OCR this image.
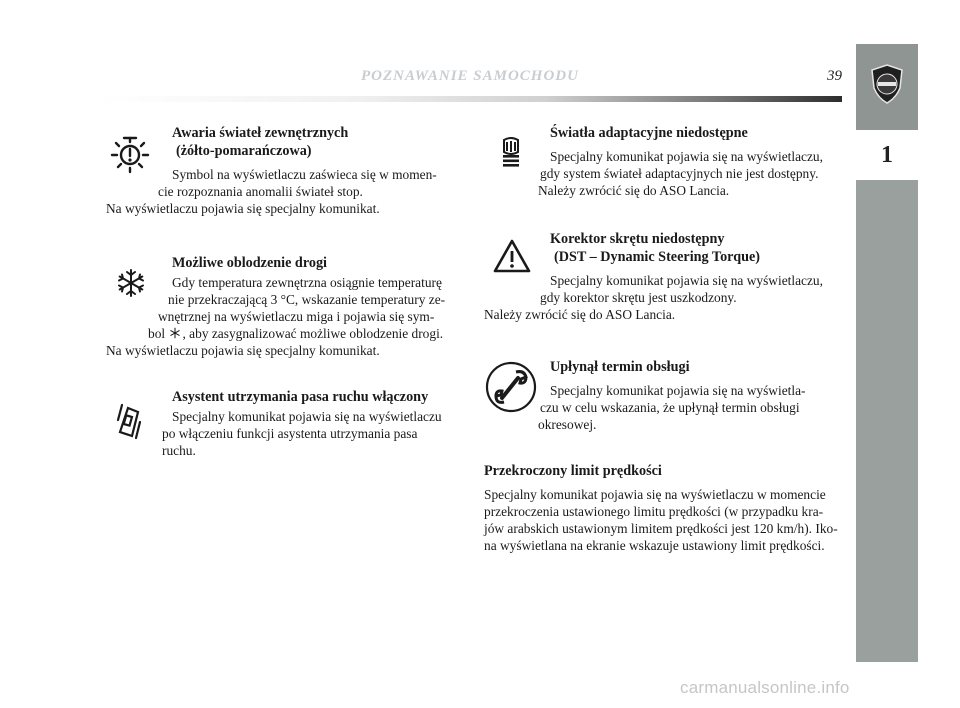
POZNAWANIE SAMOCHODU	39
1
Awaria świateł zewnętrznych
(żółto-pomarańczowa)
Symbol na wyświetlaczu zaświeca się w momen-
cie rozpoznania anomalii świateł stop.
Na wyświetlaczu pojawia się specjalny komunikat.
Możliwe oblodzenie drogi
Gdy temperatura zewnętrzna osiągnie temperaturę
nie przekraczającą 3 °C, wskazanie temperatury ze-
wnętrznej na wyświetlaczu miga i pojawia się sym-
bol , aby zasygnalizować możliwe oblodzenie drogi.
Na wyświetlaczu pojawia się specjalny komunikat.
Asystent utrzymania pasa ruchu włączony
Specjalny komunikat pojawia się na wyświetlaczu
po włączeniu funkcji asystenta utrzymania pasa
ruchu.
Światła adaptacyjne niedostępne
Specjalny komunikat pojawia się na wyświetlaczu,
gdy system świateł adaptacyjnych nie jest dostępny.
Należy zwrócić się do ASO Lancia.
Korektor skrętu niedostępny
(DST – Dynamic Steering Torque)
Specjalny komunikat pojawia się na wyświetlaczu,
gdy korektor skrętu jest uszkodzony.
Należy zwrócić się do ASO Lancia.
Upłynął termin obsługi
Specjalny komunikat pojawia się na wyświetla-
czu w celu wskazania, że upłynął termin obsługi
okresowej.
Przekroczony limit prędkości
Specjalny komunikat pojawia się na wyświetlaczu w momencie
przekroczenia ustawionego limitu prędkości (w przypadku kra-
jów arabskich ustawionym limitem prędkości jest 120 km/h). Iko-
na wyświetlana na ekranie wskazuje ustawiony limit prędkości.
carmanualsonline.info
